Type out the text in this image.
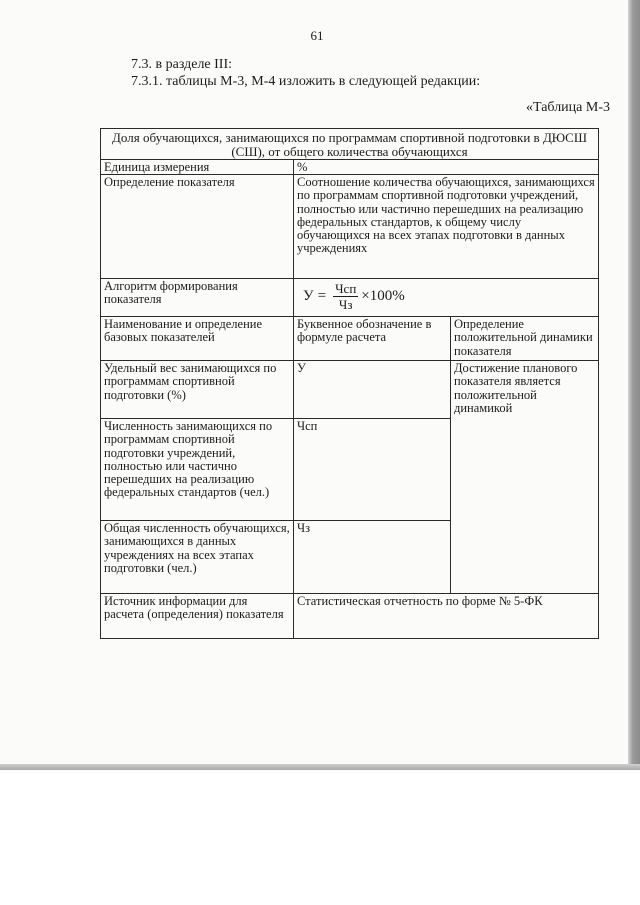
61
7.3. в разделе III:
7.3.1. таблицы М-3, М-4 изложить в следующей редакции:
«Таблица М-3
Доля обучающихся, занимающихся по программам спортивной подготовки в ДЮСШ (СШ), от общего количества обучающихся		
Единица измерения	%	
Определение показателя	Соотношение количества обучающихся, занимающихся по программам спортивной подготовки учреждений, полностью или частично перешедших на реализацию федеральных стандартов, к общему числу обучающихся на всех этапах подготовки в данных учреждениях	
Алгоритм формирования показателя	$У = \frac{\text{Чсп}}{Чз} \times 100\%$	

Наименование и определение базовых показателей	Буквенное обозначение в формуле расчета	Определение положительной динамики показателя
Удельный вес занимающихся по программам спортивной подготовки (%)	У	Достижение планового показателя является положительной динамикой
Численность занимающихся по программам спортивной подготовки учреждений, полностью или частично перешедших на реализацию федеральных стандартов (чел.)	Чсп	
Общая численность обучающихся, занимающихся в данных учреждениях на всех этапах подготовки (чел.)	Чз	
Источник информации для расчета (определения) показателя	Статистическая отчетность по форме № 5-ФК	
